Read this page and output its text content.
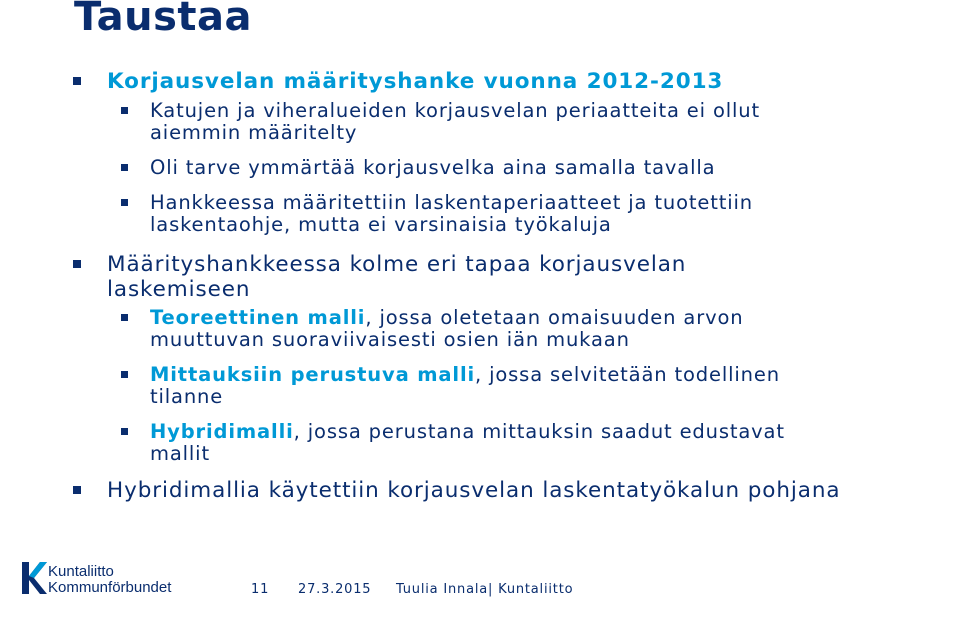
Taustaa
Korjausvelan määrityshanke vuonna 2012-2013
Katujen ja viheralueiden korjausvelan periaatteita ei ollut
aiemmin määritelty
Oli tarve ymmärtää korjausvelka aina samalla tavalla
Hankkeessa määritettiin laskentaperiaatteet ja tuotettiin
laskentaohje, mutta ei varsinaisia työkaluja
Määrityshankkeessa kolme eri tapaa korjausvelan
laskemiseen
Teoreettinen malli, jossa oletetaan omaisuuden arvon
muuttuvan suoraviivaisesti osien iän mukaan
Mittauksiin perustuva malli, jossa selvitetään todellinen
tilanne
Hybridimalli, jossa perustana mittauksin saadut edustavat
mallit
Hybridimallia käytettiin korjausvelan laskentatyökalun pohjana
Kuntaliitto
Kommunförbundet	11 27.3.2015 Tuulia Innala| Kuntaliitto
